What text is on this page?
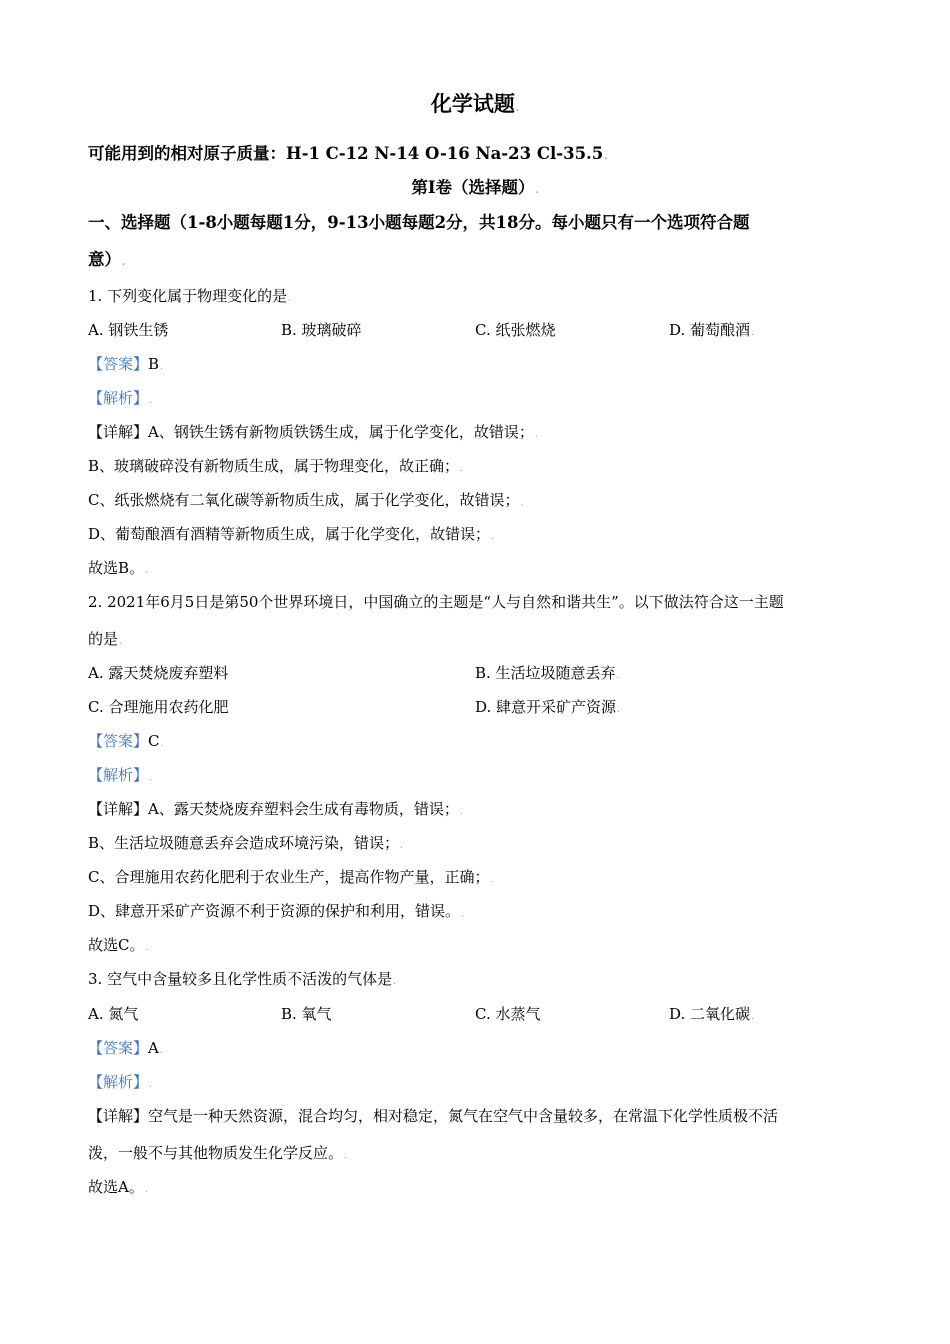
化学试题.
可能用到的相对原子质量：H-1 C-12 N-14 O-16 Na-23 Cl-35.5.
第Ⅰ卷（选择题）.
一、选择题（1-8小题每题1分，9-13小题每题2分，共18分。每小题只有一个选项符合题
意）.
1. 下列变化属于物理变化的是.
A. 钢铁生锈	B. 玻璃破碎	C. 纸张燃烧	D. 葡萄酿酒.
【答案】B.
【解析】.
【详解】A、钢铁生锈有新物质铁锈生成，属于化学变化，故错误；.
B、玻璃破碎没有新物质生成，属于物理变化，故正确；.
C、纸张燃烧有二氧化碳等新物质生成，属于化学变化，故错误；.
D、葡萄酿酒有酒精等新物质生成，属于化学变化，故错误；.
故选B。.
2. 2021年6月5日是第50个世界环境日，中国确立的主题是“人与自然和谐共生”。以下做法符合这一主题
的是.
A. 露天焚烧废弃塑料	B. 生活垃圾随意丢弃.
C. 合理施用农药化肥	D. 肆意开采矿产资源.
【答案】C.
【解析】.
【详解】A、露天焚烧废弃塑料会生成有毒物质，错误；.
B、生活垃圾随意丢弃会造成环境污染，错误；.
C、合理施用农药化肥利于农业生产，提高作物产量，正确；.
D、肆意开采矿产资源不利于资源的保护和利用，错误。.
故选C。.
3. 空气中含量较多且化学性质不活泼的气体是.
A. 氮气	B. 氧气	C. 水蒸气	D. 二氧化碳.
【答案】A.
【解析】.
【详解】空气是一种天然资源，混合均匀，相对稳定，氮气在空气中含量较多，在常温下化学性质极不活
泼，一般不与其他物质发生化学反应。.
故选A。.
